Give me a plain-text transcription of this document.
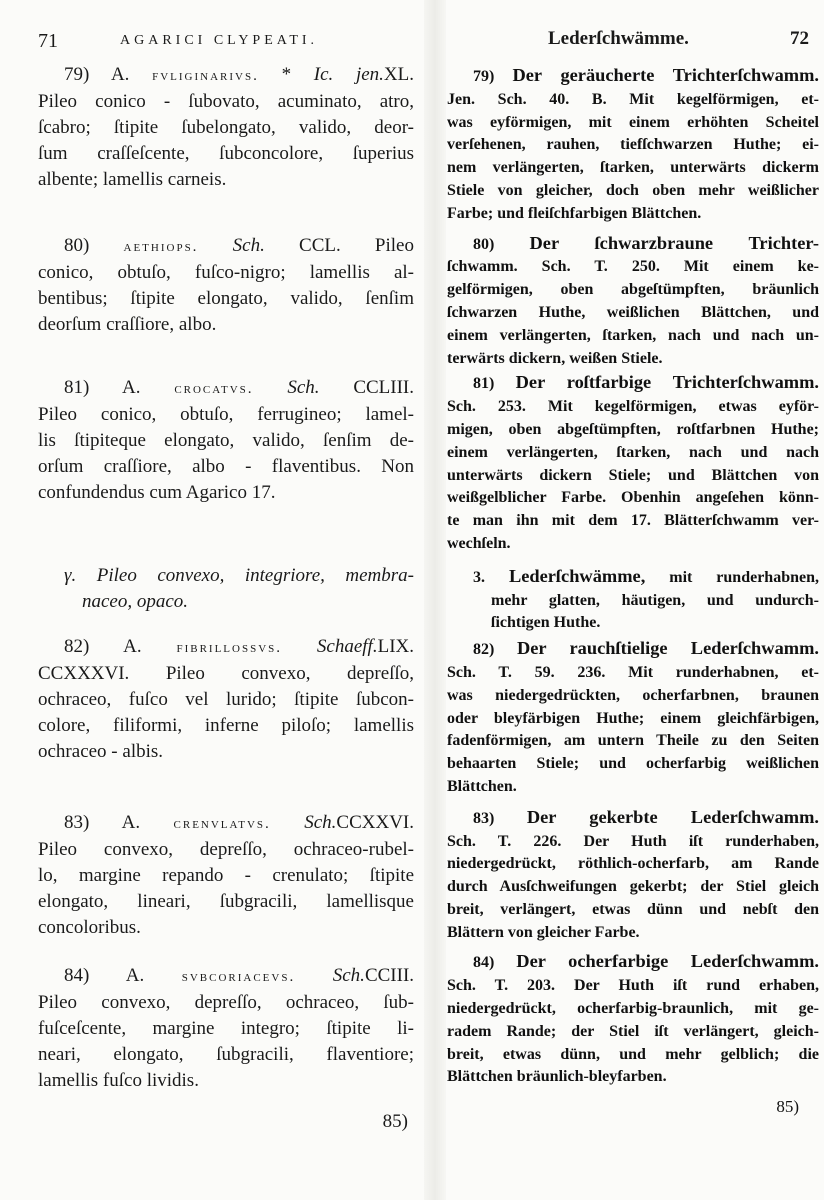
71	AGARICI CLYPEATI.
79) A. fvliginarivs. * Ic. jen.XL.
Pileo conico - ſubovato, acuminato, atro,
ſcabro; ſtipite ſubelongato, valido, deor-
ſum craſſeſcente, ſubconcolore, ſuperius
albente; lamellis carneis.
80) aethiops. Sch. CCL. Pileo
conico, obtuſo, fuſco-nigro; lamellis al-
bentibus; ſtipite elongato, valido, ſenſim
deorſum craſſiore, albo.
81) A. crocatvs. Sch. CCLIII.
Pileo conico, obtuſo, ferrugineo; lamel-
lis ſtipiteque elongato, valido, ſenſim de-
orſum craſſiore, albo - flaventibus. Non
confundendus cum Agarico 17.
γ. Pileo convexo, integriore, membra-
naceo, opaco.
82) A. fibrillossvs. Schaeff.LIX.
CCXXXVI. Pileo convexo, depreſſo,
ochraceo, fuſco vel lurido; ſtipite ſubcon-
colore, filiformi, inferne piloſo; lamellis
ochraceo - albis.
83) A. crenvlatvs. Sch.CCXXVI.
Pileo convexo, depreſſo, ochraceo-rubel-
lo, margine repando - crenulato; ſtipite
elongato, lineari, ſubgracili, lamellisque
concoloribus.
84) A. svbcoriacevs. Sch.CCIII.
Pileo convexo, depreſſo, ochraceo, ſub-
fuſceſcente, margine integro; ſtipite li-
neari, elongato, ſubgracili, flaventiore;
lamellis fuſco lividis.
85)
Lederſchwämme.	72
79) Der geräucherte Trichterſchwamm.
Jen. Sch. 40. B. Mit kegelförmigen, et-
was eyförmigen, mit einem erhöhten Scheitel
verſehenen, rauhen, tiefſchwarzen Huthe; ei-
nem verlängerten, ſtarken, unterwärts dickerm
Stiele von gleicher, doch oben mehr weißlicher
Farbe; und fleiſchfarbigen Blättchen.
80) Der ſchwarzbraune Trichter-
ſchwamm. Sch. T. 250. Mit einem ke-
gelförmigen, oben abgeſtümpften, bräunlich
ſchwarzen Huthe, weißlichen Blättchen, und
einem verlängerten, ſtarken, nach und nach un-
terwärts dickern, weißen Stiele.
81) Der roſtfarbige Trichterſchwamm.
Sch. 253. Mit kegelförmigen, etwas eyför-
migen, oben abgeſtümpften, roſtfarbnen Huthe;
einem verlängerten, ſtarken, nach und nach
unterwärts dickern Stiele; und Blättchen von
weißgelblicher Farbe. Obenhin angeſehen könn-
te man ihn mit dem 17. Blätterſchwamm ver-
wechſeln.
3. Lederſchwämme, mit runderhabnen,
mehr glatten, häutigen, und undurch-
ſichtigen Huthe.
82) Der rauchſtielige Lederſchwamm.
Sch. T. 59. 236. Mit runderhabnen, et-
was niedergedrückten, ocherfarbnen, braunen
oder bleyfärbigen Huthe; einem gleichfärbigen,
fadenförmigen, am untern Theile zu den Seiten
behaarten Stiele; und ocherfarbig weißlichen
Blättchen.
83) Der gekerbte Lederſchwamm.
Sch. T. 226. Der Huth iſt runderhaben,
niedergedrückt, röthlich-ocherfarb, am Rande
durch Ausſchweifungen gekerbt; der Stiel gleich
breit, verlängert, etwas dünn und nebſt den
Blättern von gleicher Farbe.
84) Der ocherfarbige Lederſchwamm.
Sch. T. 203. Der Huth iſt rund erhaben,
niedergedrückt, ocherfarbig-braunlich, mit ge-
radem Rande; der Stiel iſt verlängert, gleich-
breit, etwas dünn, und mehr gelblich; die
Blättchen bräunlich-bleyfarben.
85)
